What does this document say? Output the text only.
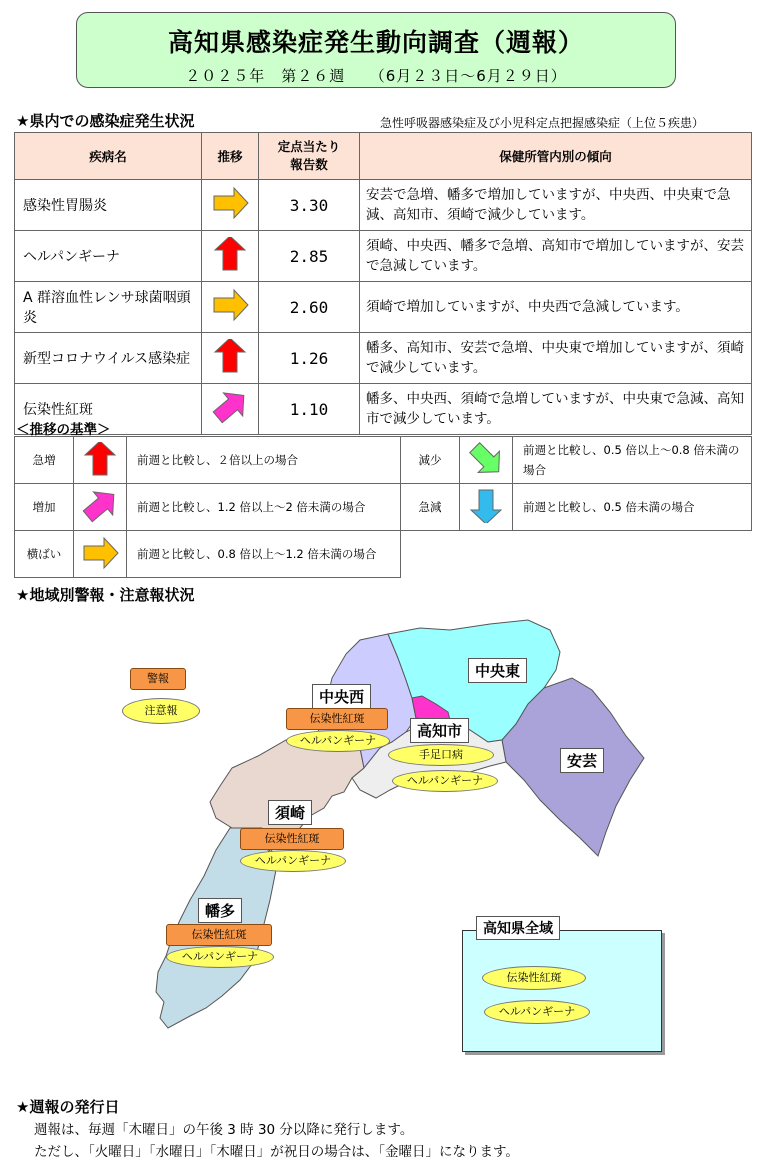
高知県感染症発生動向調査（週報）
２０２５年　第２６週　　（6月２３日～6月２９日）
★県内での感染症発生状況	急性呼吸器感染症及び小児科定点把握感染症（上位５疾患）
疾病名	推移	定点当たり
報告数	保健所管内別の傾向
感染性胃腸炎		3.30	安芸で急増、幡多で増加していますが、中央西、中央東で急減、高知市、須崎で減少しています。
ヘルパンギーナ		2.85	須崎、中央西、幡多で急増、高知市で増加していますが、安芸で急減しています。
A 群溶血性レンサ球菌咽頭炎		2.60	須崎で増加していますが、中央西で急減しています。
新型コロナウイルス感染症		1.26	幡多、高知市、安芸で急増、中央東で増加していますが、須崎で減少しています。
伝染性紅斑		1.10	幡多、中央西、須崎で急増していますが、中央東で急減、高知市で減少しています。
＜推移の基準＞
急増		前週と比較し、２倍以上の場合	減少		前週と比較し、0.5 倍以上～0.8 倍未満の場合
増加		前週と比較し、1.2 倍以上～2 倍未満の場合	急減		前週と比較し、0.5 倍未満の場合
横ばい		前週と比較し、0.8 倍以上～1.2 倍未満の場合			
★地域別警報・注意報状況
中央西
中央東
高知市
安芸
須崎
幡多
警報
注意報
伝染性紅斑
ヘルパンギーナ
手足口病
ヘルパンギーナ
伝染性紅斑
ヘルパンギーナ
伝染性紅斑
ヘルパンギーナ
高知県全域
伝染性紅斑
ヘルパンギーナ
★週報の発行日
週報は、毎週「木曜日」の午後 3 時 30 分以降に発行します。
ただし、「火曜日」「水曜日」「木曜日」が祝日の場合は、「金曜日」になります。
